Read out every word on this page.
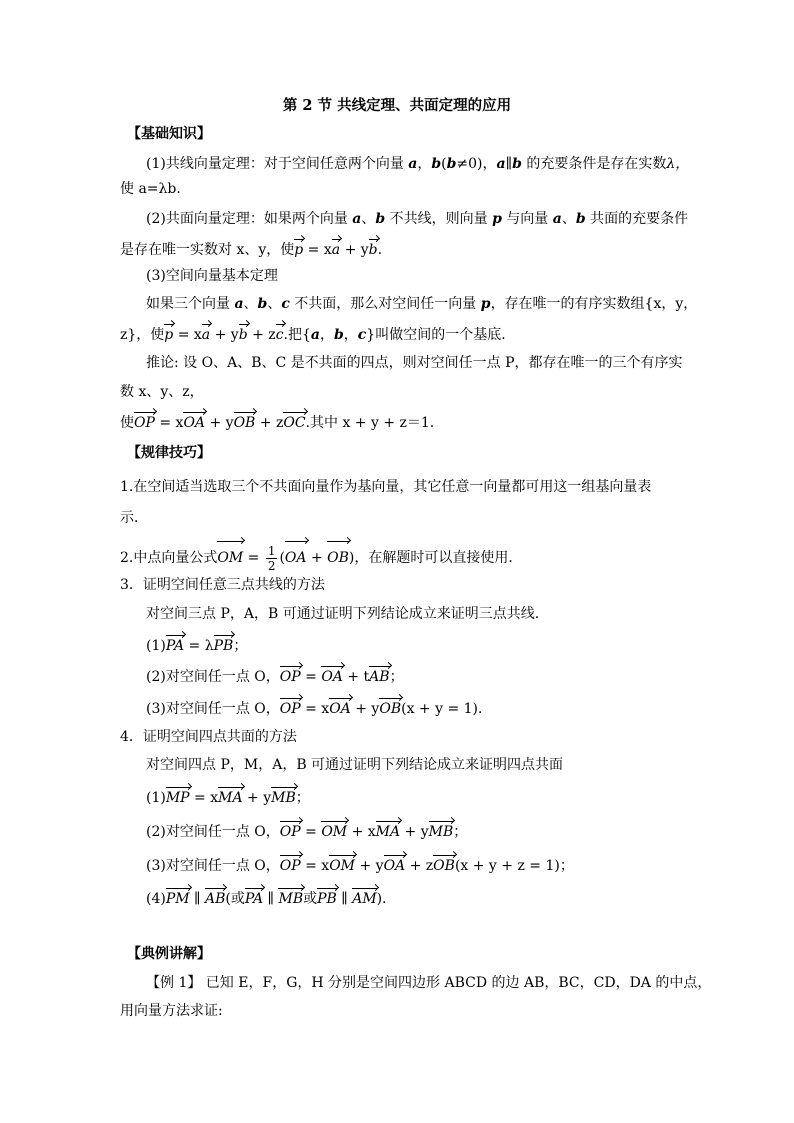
第 2 节 共线定理、共面定理的应用
【基础知识】
(1)共线向量定理：对于空间任意两个向量 a，b(b≠0)，a∥b 的充要条件是存在实数λ，
使 a=λb.
(2)共面向量定理：如果两个向量 a、b 不共线，则向量 p 与向量 a、b 共面的充要条件
是存在唯一实数对 x、y，使p = xa + yb.
(3)空间向量基本定理
如果三个向量 a、b、c 不共面，那么对空间任一向量 p，存在唯一的有序实数组{x，y，
z}，使p = xa + yb + zc.把{a，b，c}叫做空间的一个基底．
推论: 设 O、A、B、C 是不共面的四点，则对空间任一点 P，都存在唯一的三个有序实
数 x、y、z，
使OP = xOA + yOB + zOC.其中 x + y + z＝1.
【规律技巧】
1.在空间适当选取三个不共面向量作为基向量，其它任意一向量都可用这一组基向量表
示．
2.中点向量公式OM = $\frac{1}{2} (OA + OB)$，在解题时可以直接使用．
3．证明空间任意三点共线的方法
对空间三点 P，A，B 可通过证明下列结论成立来证明三点共线.
(1)PA = λPB；
(2)对空间任一点 O，OP = OA + tAB；
(3)对空间任一点 O，OP = xOA + yOB(x + y = 1)．
4．证明空间四点共面的方法
对空间四点 P，M，A，B 可通过证明下列结论成立来证明四点共面
(1)MP = xMA + yMB；
(2)对空间任一点 O，OP = OM + xMA + yMB；
(3)对空间任一点 O，OP = xOM + yOA + zOB(x + y + z = 1)；
(4)PM ∥ AB(或PA ∥ MB或PB ∥ AM)．
【典例讲解】
【例 1】 已知 E，F，G，H 分别是空间四边形 ABCD 的边 AB，BC，CD，DA 的中点，
用向量方法求证:
